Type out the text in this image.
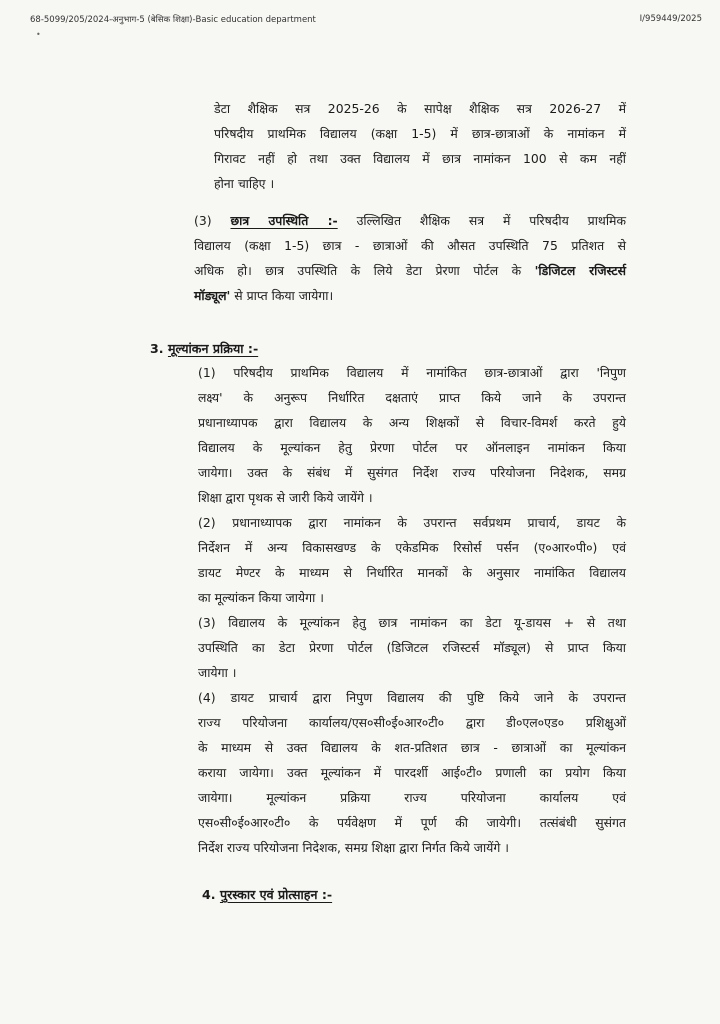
68-5099/205/2024-अनुभाग-5 (बेसिक शिक्षा)-Basic education department	I/959449/2025
•
डेटा शैक्षिक सत्र 2025-26 के सापेक्ष शैक्षिक सत्र 2026-27 में
परिषदीय प्राथमिक विद्यालय (कक्षा 1-5) में छात्र-छात्राओं के नामांकन में
गिरावट नहीं हो तथा उक्त विद्यालय में छात्र नामांकन 100 से कम नहीं
होना चाहिए ।
(3) छात्र उपस्थिति :- उल्लिखित शैक्षिक सत्र में परिषदीय प्राथमिक
विद्यालय (कक्षा 1-5) छात्र - छात्राओं की औसत उपस्थिति 75 प्रतिशत से
अधिक हो। छात्र उपस्थिति के लिये डेटा प्रेरणा पोर्टल के 'डिजिटल रजिस्टर्स
मॉड्यूल' से प्राप्त किया जायेगा।
3. मूल्यांकन प्रक्रिया :-
(1) परिषदीय प्राथमिक विद्यालय में नामांकित छात्र-छात्राओं द्वारा 'निपुण
लक्ष्य' के अनुरूप निर्धारित दक्षताएं प्राप्त किये जाने के उपरान्त
प्रधानाध्यापक द्वारा विद्यालय के अन्य शिक्षकों से विचार-विमर्श करते हुये
विद्यालय के मूल्यांकन हेतु प्रेरणा पोर्टल पर ऑनलाइन नामांकन किया
जायेगा। उक्त के संबंध में सुसंगत निर्देश राज्य परियोजना निदेशक, समग्र
शिक्षा द्वारा पृथक से जारी किये जायेंगे ।
(2) प्रधानाध्यापक द्वारा नामांकन के उपरान्त सर्वप्रथम प्राचार्य, डायट के
निर्देशन में अन्य विकासखण्ड के एकेडमिक रिसोर्स पर्सन (ए०आर०पी०) एवं
डायट मेण्टर के माध्यम से निर्धारित मानकों के अनुसार नामांकित विद्यालय
का मूल्यांकन किया जायेगा ।
(3) विद्यालय के मूल्यांकन हेतु छात्र नामांकन का डेटा यू-डायस + से तथा
उपस्थिति का डेटा प्रेरणा पोर्टल (डिजिटल रजिस्टर्स मॉड्यूल) से प्राप्त किया
जायेगा ।
(4) डायट प्राचार्य द्वारा निपुण विद्यालय की पुष्टि किये जाने के उपरान्त
राज्य परियोजना कार्यालय/एस०सी०ई०आर०टी० द्वारा डी०एल०एड० प्रशिक्षुओं
के माध्यम से उक्त विद्यालय के शत-प्रतिशत छात्र - छात्राओं का मूल्यांकन
कराया जायेगा। उक्त मूल्यांकन में पारदर्शी आई०टी० प्रणाली का प्रयोग किया
जायेगा। मूल्यांकन प्रक्रिया राज्य परियोजना कार्यालय एवं
एस०सी०ई०आर०टी० के पर्यवेक्षण में पूर्ण की जायेगी। तत्संबंधी सुसंगत
निर्देश राज्य परियोजना निदेशक, समग्र शिक्षा द्वारा निर्गत किये जायेंगे ।
4. पुरस्कार एवं प्रोत्साहन :-
